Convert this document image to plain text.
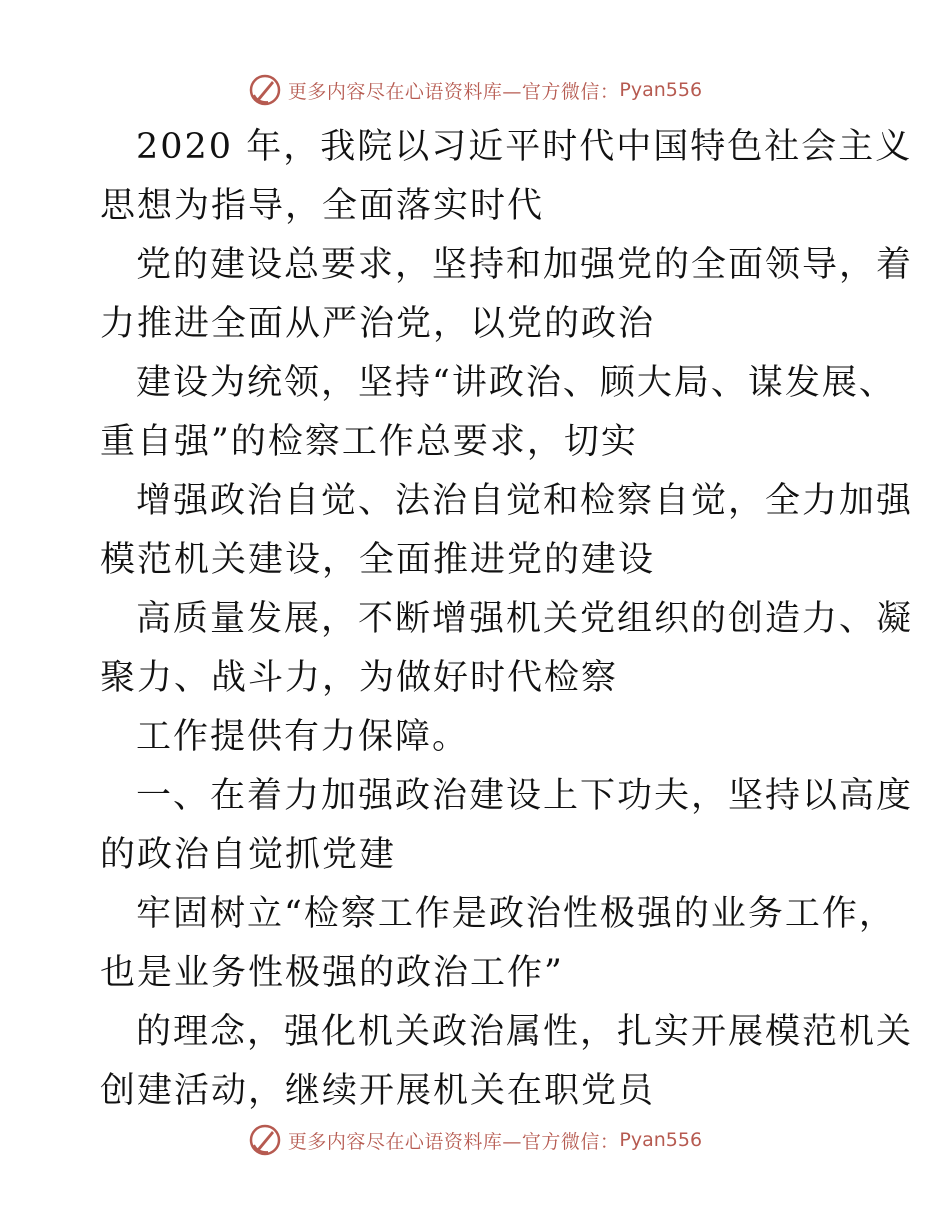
更多内容尽在心语资料库—官方微信： Pyan556
2020 年，我院以习近平时代中国特色社会主义
思想为指导，全面落实时代
党的建设总要求，坚持和加强党的全面领导，着
力推进全面从严治党，以党的政治
建设为统领，坚持“讲政治、顾大局、谋发展、
重自强”的检察工作总要求，切实
增强政治自觉、法治自觉和检察自觉，全力加强
模范机关建设，全面推进党的建设
高质量发展，不断增强机关党组织的创造力、凝
聚力、战斗力，为做好时代检察
工作提供有力保障。
一、在着力加强政治建设上下功夫，坚持以高度
的政治自觉抓党建
牢固树立“检察工作是政治性极强的业务工作，
也是业务性极强的政治工作”
的理念，强化机关政治属性，扎实开展模范机关
创建活动，继续开展机关在职党员
更多内容尽在心语资料库—官方微信： Pyan556
